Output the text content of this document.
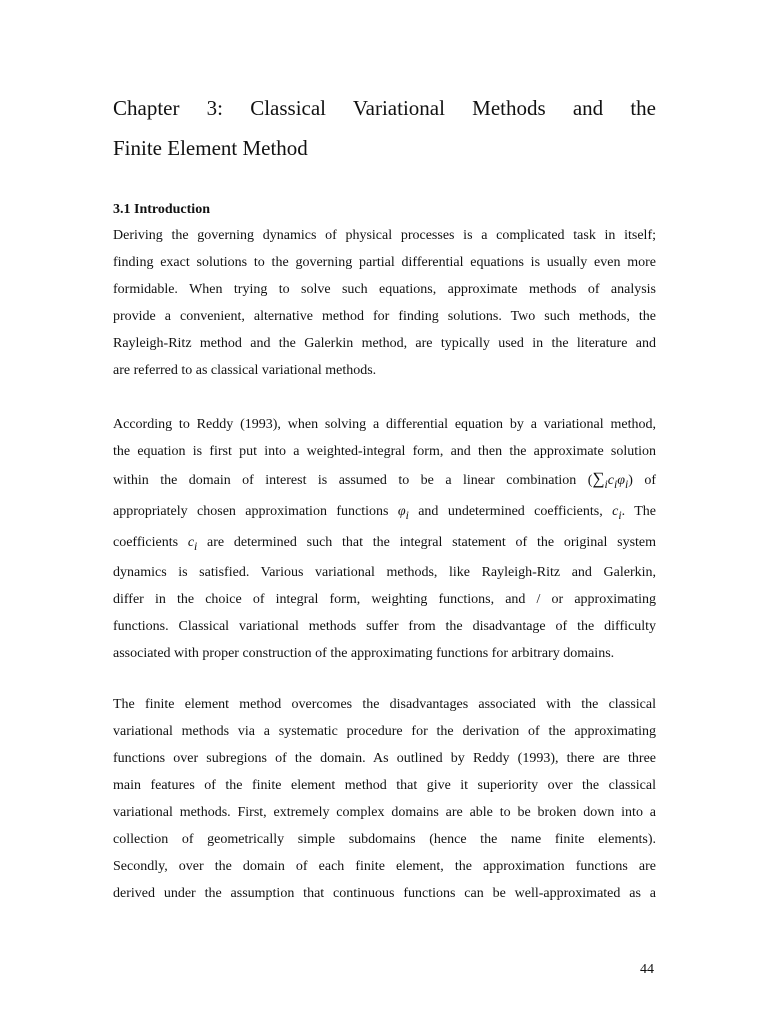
Chapter 3: Classical Variational Methods and the
Finite Element Method
3.1 Introduction

Deriving the governing dynamics of physical processes is a complicated task in itself;
finding exact solutions to the governing partial differential equations is usually even more
formidable. When trying to solve such equations, approximate methods of analysis
provide a convenient, alternative method for finding solutions. Two such methods, the
Rayleigh-Ritz method and the Galerkin method, are typically used in the literature and
are referred to as classical variational methods.

According to Reddy (1993), when solving a differential equation by a variational method,
the equation is first put into a weighted-integral form, and then the approximate solution
within the domain of interest is assumed to be a linear combination $(\sum_ic_i\varphi_i)$ of
appropriately chosen approximation functions $\varphi_i$ and undetermined coefficients, $c_i$. The
coefficients $c_i$ are determined such that the integral statement of the original system
dynamics is satisfied. Various variational methods, like Rayleigh-Ritz and Galerkin,
differ in the choice of integral form, weighting functions, and / or approximating
functions. Classical variational methods suffer from the disadvantage of the difficulty
associated with proper construction of the approximating functions for arbitrary domains.

The finite element method overcomes the disadvantages associated with the classical
variational methods via a systematic procedure for the derivation of the approximating
functions over subregions of the domain. As outlined by Reddy (1993), there are three
main features of the finite element method that give it superiority over the classical
variational methods. First, extremely complex domains are able to be broken down into a
collection of geometrically simple subdomains (hence the name finite elements).
Secondly, over the domain of each finite element, the approximation functions are
derived under the assumption that continuous functions can be well-approximated as a

44
